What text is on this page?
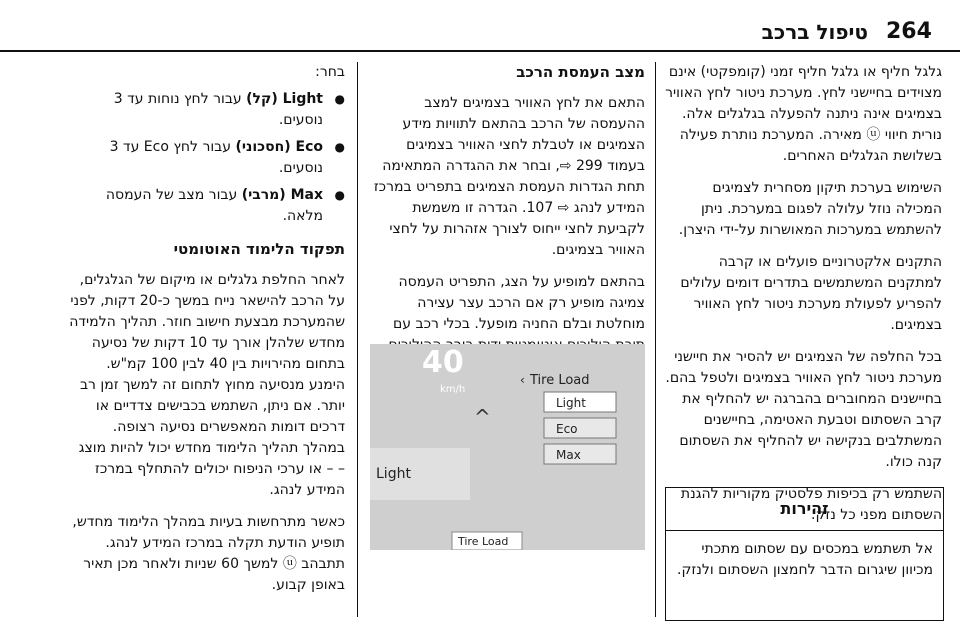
264
טיפול ברכב

גלגל חליף או גלגל חליף זמני (קומפקטי) אינם מצוידים בחיישני לחץ. מערכת ניטור לחץ האוויר בצמיגים אינה ניתנה להפעלה בגלגלים אלה. נורית חיווי ⓤ מאירה. המערכת נותרת פעילה בשלושת הגלגלים האחרים.

השימוש בערכת תיקון מסחרית לצמיגים המכילה נוזל עלולה לפגום במערכת. ניתן להשתמש במערכות המאושרות על-ידי היצרן.

התקנים אלקטרוניים פועלים או קרבה למתקנים המשתמשים בתדרים דומים עלולים להפריע לפעולת מערכת ניטור לחץ האוויר בצמיגים.

בכל החלפה של הצמיגים יש להסיר את חיישני מערכת ניטור לחץ האוויר בצמיגים ולטפל בהם. בחיישנים המחוברים בהברגה יש להחליף את קרב השסתום וטבעת האטימה, בחיישנים המשתלבים בנקישה יש להחליף את השסתום קנה כולו.

השתמש רק בכיפות פלסטיק מקוריות להגנת השסתום מפני כל נזק.

זהירות
אל תשתמש במכסים עם שסתום מתכתי מכיוון שיגרום הדבר לחמצון השסתום ולנזק.
מצב העמסת הרכב

התאם את לחץ האוויר בצמיגים למצב ההעמסה של הרכב בהתאם לתוויות מידע הצמיגים או לטבלת לחצי האוויר בצמיגים בעמוד 299 ⇨, ובחר את ההגדרה המתאימה תחת הגדרות העמסת הצמיגים בתפריט במרכז המידע לנהג ⇨ 107. הגדרה זו משמשת לקביעת לחצי ייחוס לצורך אזהרות על לחצי האוויר בצמיגים.

בהתאם למופיע על הצג, התפריט העמסה צמיגה מופיע רק אם הרכב עצר עצירה מוחלטת ובלם החניה מופעל. בכלי רכב עם

40
km/h
‹ Tire Load
^
Light
Eco
Max
Light
Tire Load

בחר:

● Light (קל) עבור לחץ נוחות עד 3 נוסעים.
● Eco (חסכוני) עבור לחץ Eco עד 3 נוסעים.
● Max (מרבי) עבור מצב של העמסה מלאה.
תפקוד הלימוד האוטומטי

לאחר החלפת גלגלים או מיקום של הגלגלים, על הרכב להישאר נייח במשך כ-20 דקות, לפני שהמערכת מבצעת חישוב חוזר. תהליך הלמידה מחדש שלהלן אורך עד 10 דקות של נסיעה בתחום מהירויות בין 40 לבין 100 קמ"ש. הימנע מנסיעה מחוץ לתחום זה למשך זמן רב יותר. אם ניתן, השתמש בכבישים צדדיים או דרכים דומות המאפשרים נסיעה רצופה. במהלך תהליך הלימוד מחדש יכול להיות מוצג – – או ערכי הניפוח יכולים להתחלף במרכז המידע לנהג.

כאשר מתרחשות בעיות במהלך הלימוד מחדש, תופיע הודעת תקלה במרכז המידע לנהג. תתבהב ⓤ למשך 60 שניות ולאחר מכן תאיר באופן קבוע.
